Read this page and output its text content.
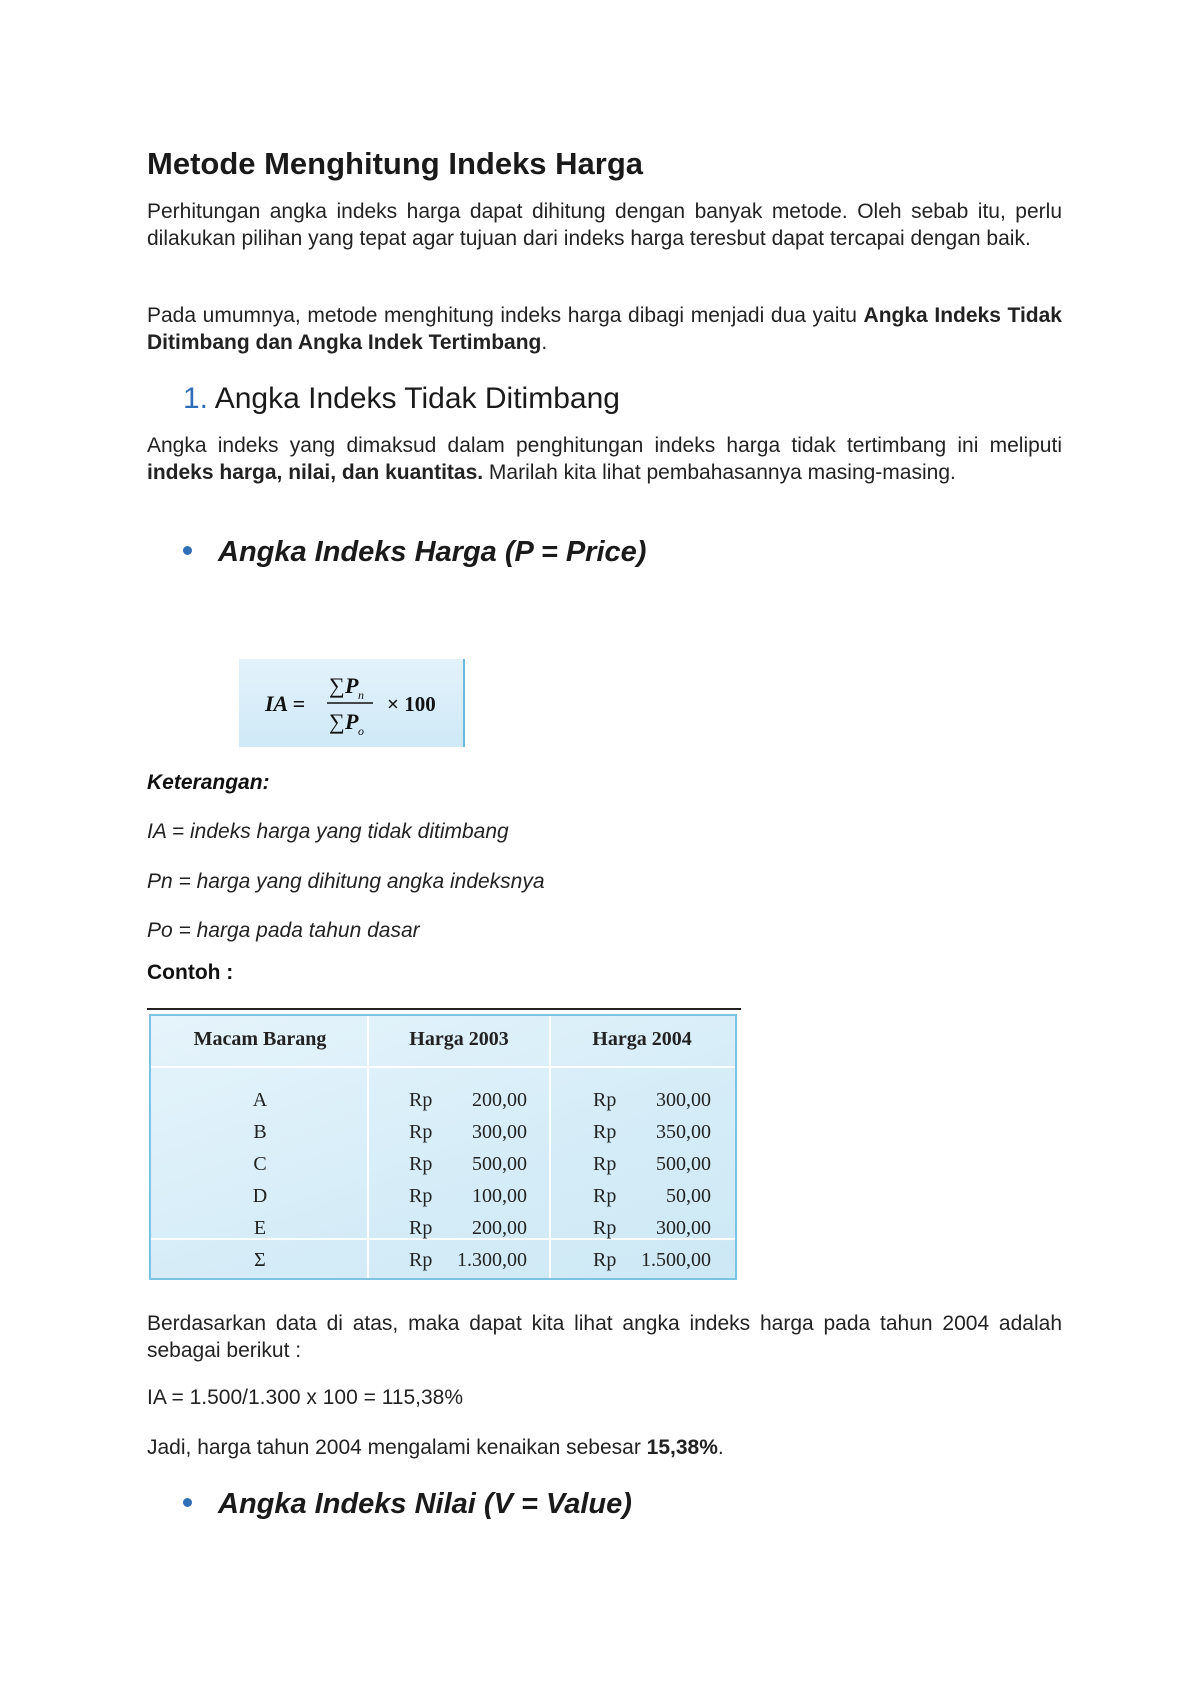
Metode Menghitung Indeks Harga

Perhitungan angka indeks harga dapat dihitung dengan banyak metode. Oleh sebab itu, perlu dilakukan pilihan yang tepat agar tujuan dari indeks harga teresbut dapat tercapai dengan baik.

Pada umumnya, metode menghitung indeks harga dibagi menjadi dua yaitu Angka Indeks Tidak Ditimbang dan Angka Indek Tertimbang.

1. Angka Indeks Tidak Ditimbang

Angka indeks yang dimaksud dalam penghitungan indeks harga tidak tertimbang ini meliputi indeks harga, nilai, dan kuantitas. Marilah kita lihat pembahasannya masing-masing.

Angka Indeks Harga (P = Price)
IA =
∑ P n
∑ P o
× 100

Keterangan:

IA = indeks harga yang tidak ditimbang

Pn = harga yang dihitung angka indeksnya

Po = harga pada tahun dasar

Contoh :

Macam Barang	Harga 2003	Harga 2004
A	Rp	200,00	Rp	300,00
B	Rp	300,00	Rp	350,00
C	Rp	500,00	Rp	500,00
D	Rp	100,00	Rp	50,00
E	Rp	200,00	Rp	300,00
Σ	Rp	1.300,00	Rp	1.500,00

Berdasarkan data di atas, maka dapat kita lihat angka indeks harga pada tahun 2004 adalah sebagai berikut :

IA = 1.500/1.300 x 100 = 115,38%

Jadi, harga tahun 2004 mengalami kenaikan sebesar 15,38%.

Angka Indeks Nilai (V = Value)
